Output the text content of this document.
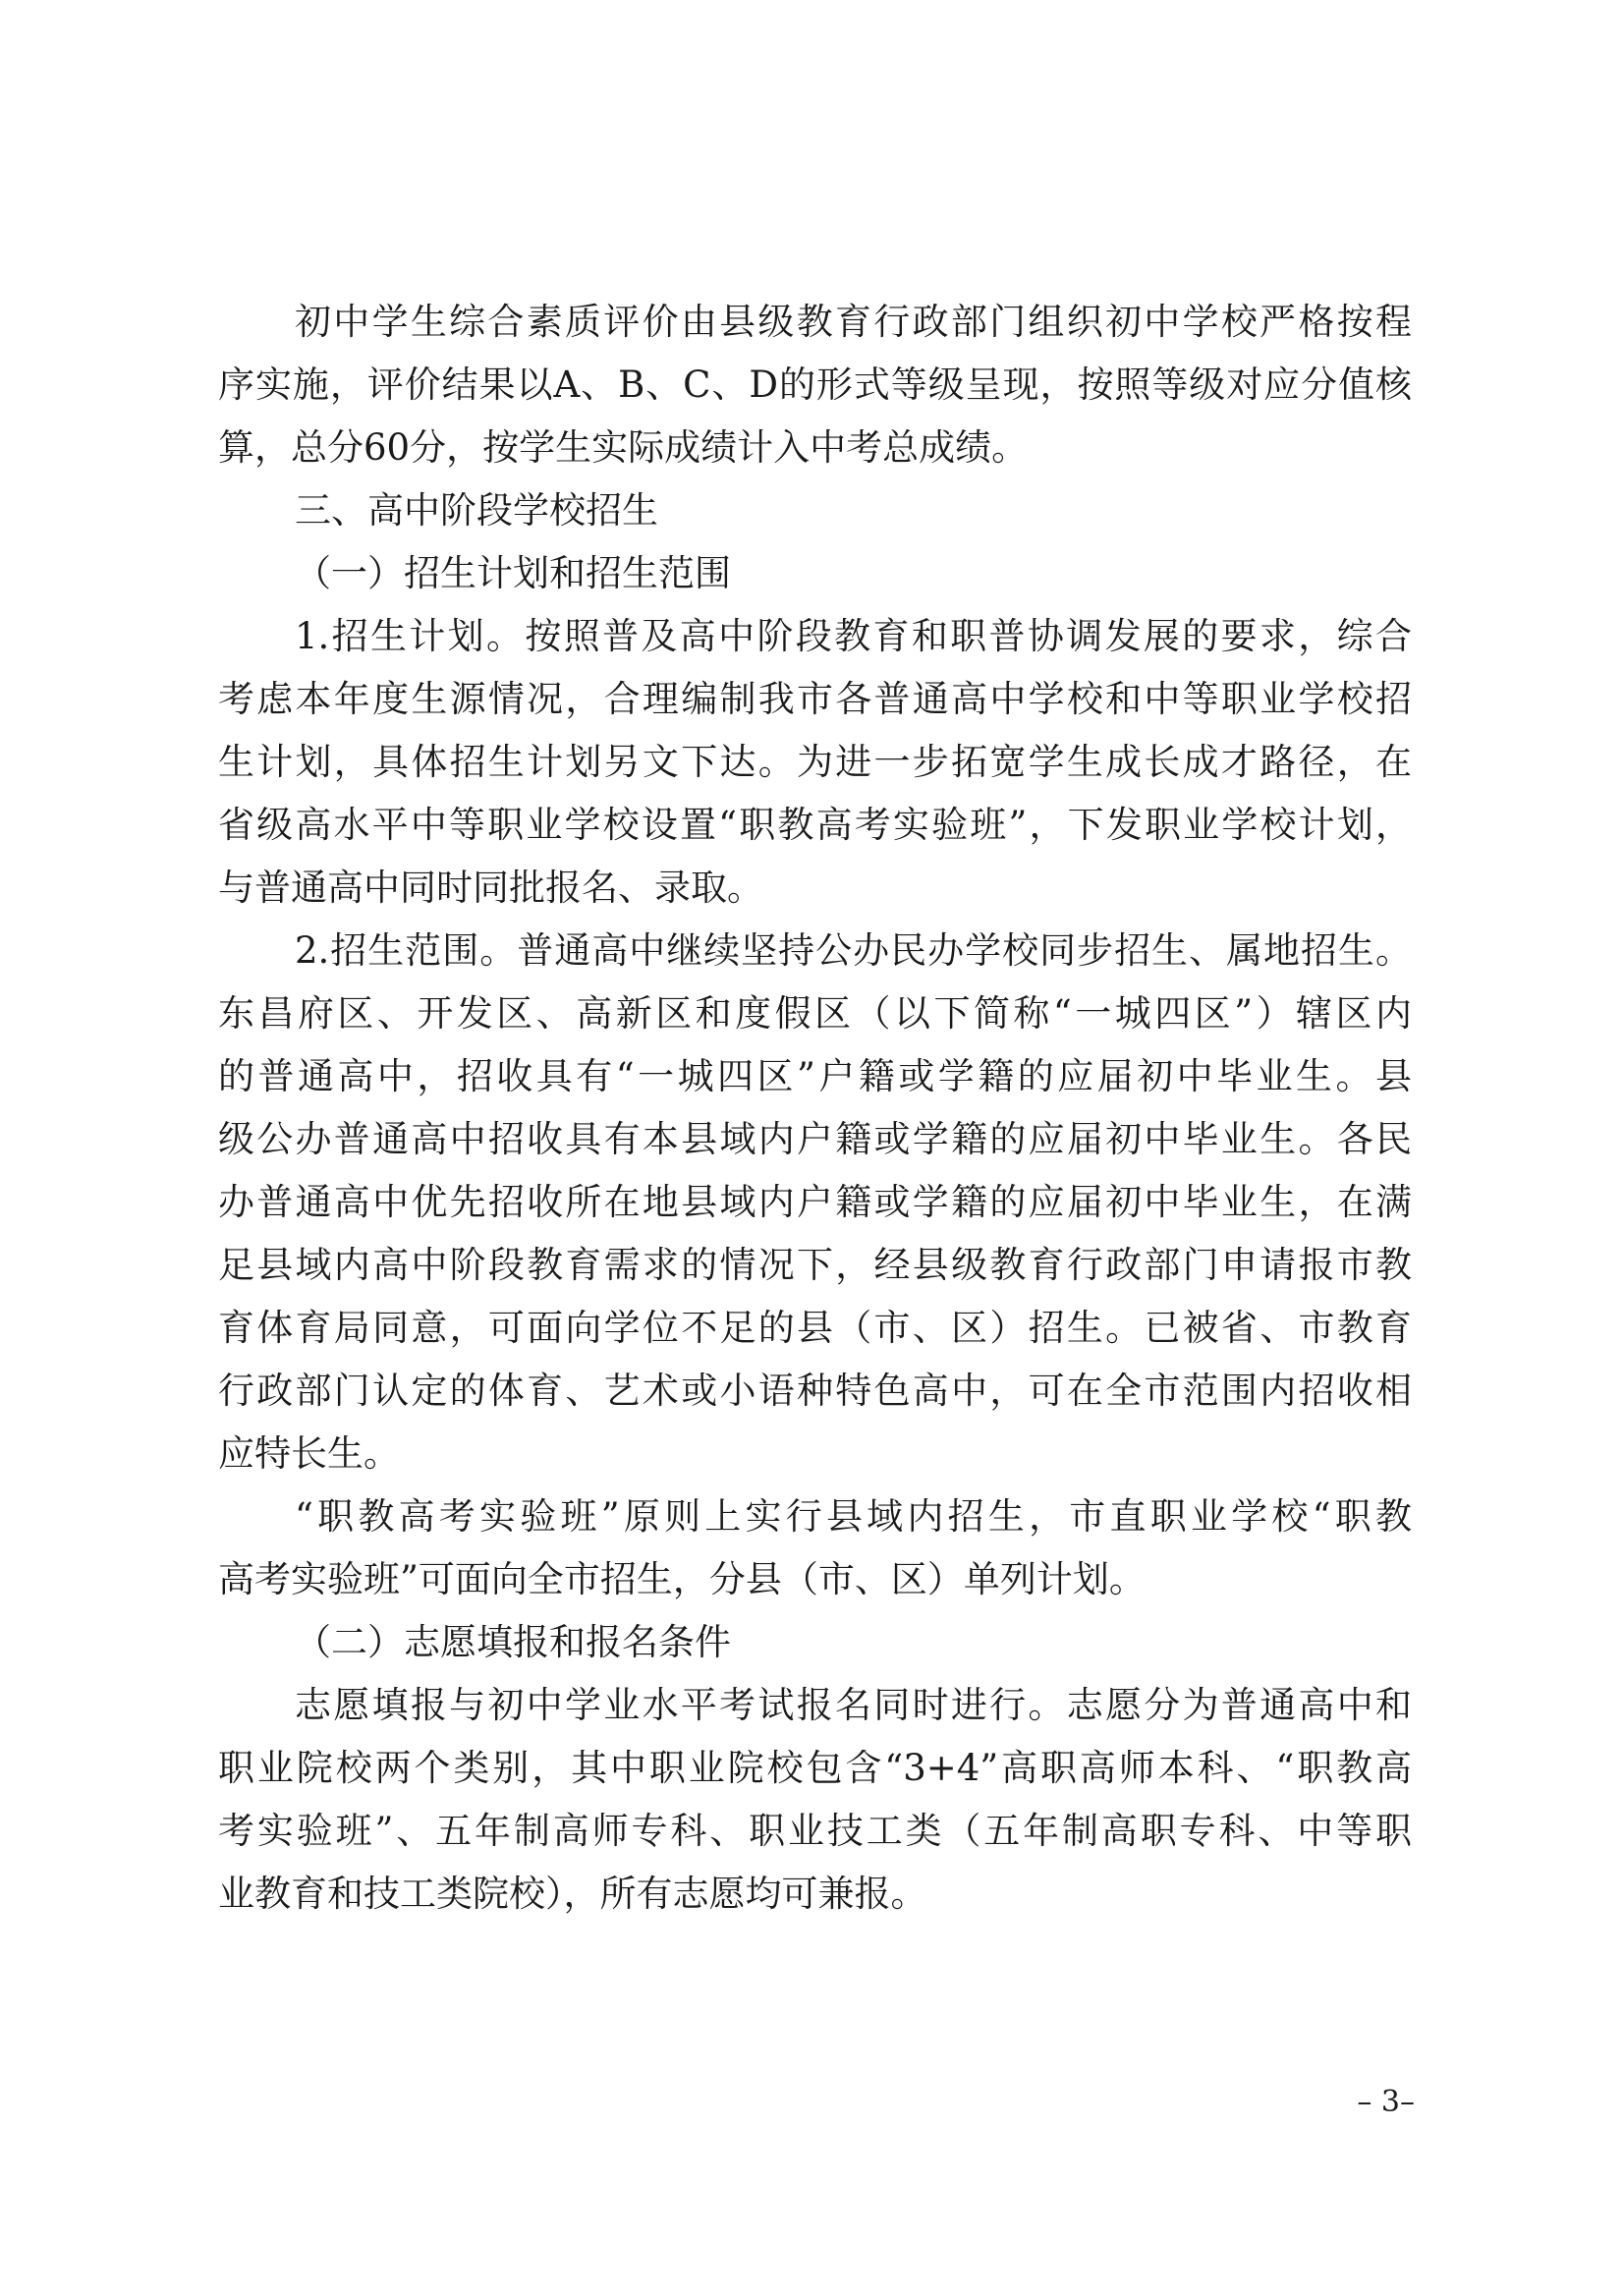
初中学生综合素质评价由县级教育行政部门组织初中学校严格按程
序实施，评价结果以A、B、C、D的形式等级呈现，按照等级对应分值核
算，总分60分，按学生实际成绩计入中考总成绩。
三、高中阶段学校招生
（一）招生计划和招生范围
1.招生计划。按照普及高中阶段教育和职普协调发展的要求，综合
考虑本年度生源情况，合理编制我市各普通高中学校和中等职业学校招
生计划，具体招生计划另文下达。为进一步拓宽学生成长成才路径，在
省级高水平中等职业学校设置“职教高考实验班”，下发职业学校计划，
与普通高中同时同批报名、录取。
2.招生范围。普通高中继续坚持公办民办学校同步招生、属地招生。
东昌府区、开发区、高新区和度假区（以下简称“一城四区”）辖区内
的普通高中，招收具有“一城四区”户籍或学籍的应届初中毕业生。县
级公办普通高中招收具有本县域内户籍或学籍的应届初中毕业生。各民
办普通高中优先招收所在地县域内户籍或学籍的应届初中毕业生，在满
足县域内高中阶段教育需求的情况下，经县级教育行政部门申请报市教
育体育局同意，可面向学位不足的县（市、区）招生。已被省、市教育
行政部门认定的体育、艺术或小语种特色高中，可在全市范围内招收相
应特长生。
“职教高考实验班”原则上实行县域内招生，市直职业学校“职教
高考实验班”可面向全市招生，分县（市、区）单列计划。
（二）志愿填报和报名条件
志愿填报与初中学业水平考试报名同时进行。志愿分为普通高中和
职业院校两个类别，其中职业院校包含“3+4”高职高师本科、“职教高
考实验班”、五年制高师专科、职业技工类（五年制高职专科、中等职
业教育和技工类院校），所有志愿均可兼报。
– 3–
